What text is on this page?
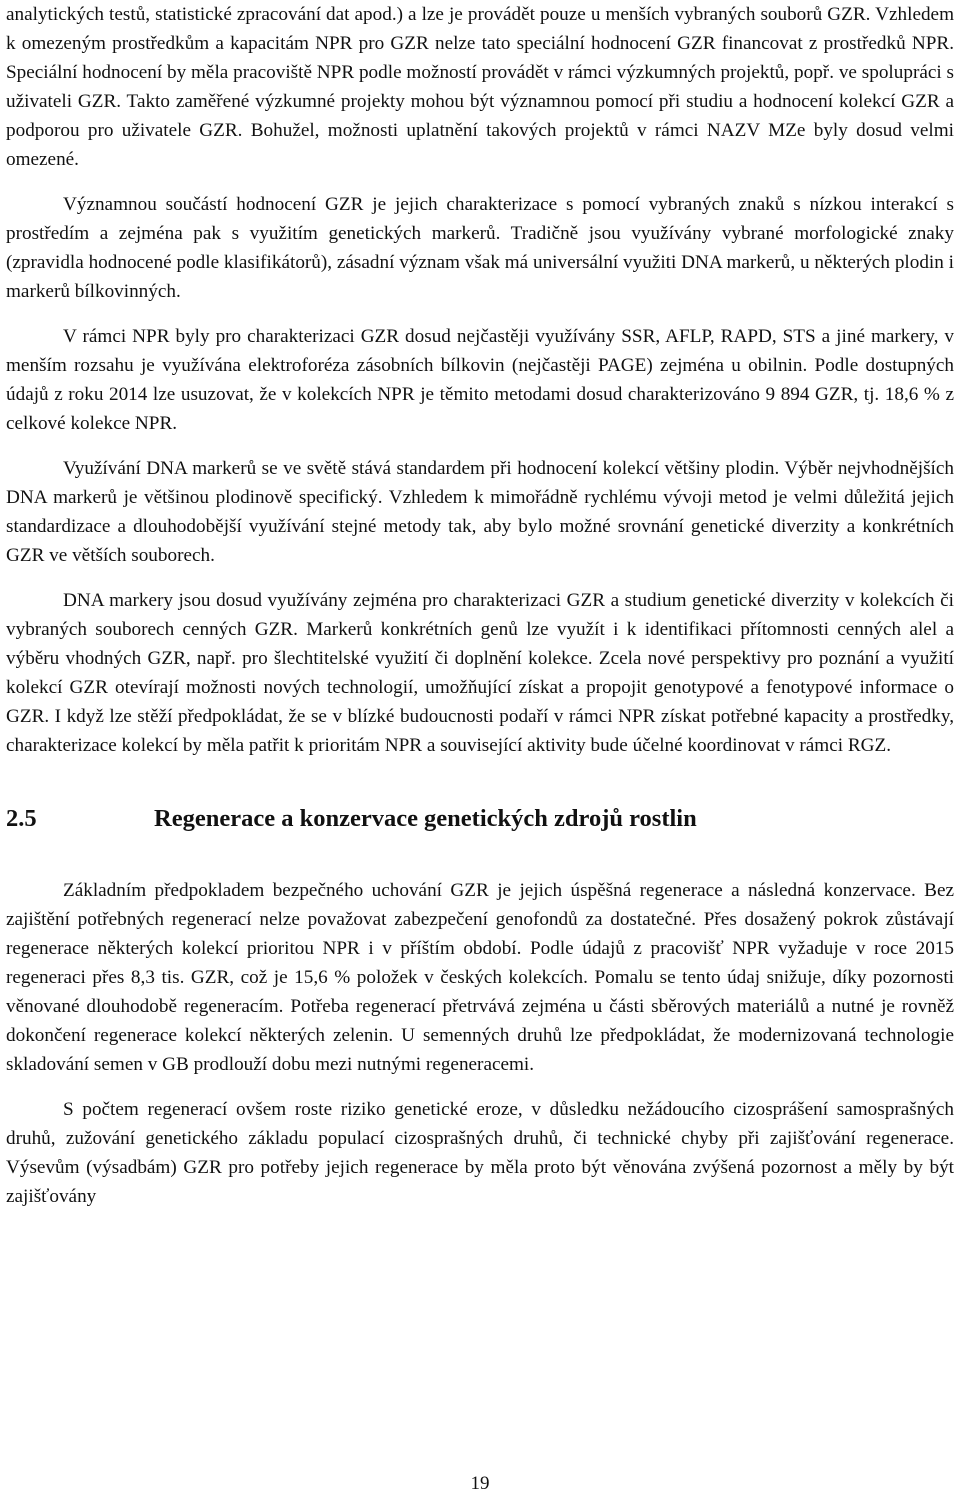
analytických testů, statistické zpracování dat apod.) a lze je provádět pouze u menších vybraných souborů GZR. Vzhledem k omezeným prostředkům a kapacitám NPR pro GZR nelze tato speciální hodnocení GZR financovat z prostředků NPR. Speciální hodnocení by měla pracoviště NPR podle možností provádět v rámci výzkumných projektů, popř. ve spolupráci s uživateli GZR. Takto zaměřené výzkumné projekty mohou být významnou pomocí při studiu a hodnocení kolekcí GZR a podporou pro uživatele GZR. Bohužel, možnosti uplatnění takových projektů v rámci NAZV MZe byly dosud velmi omezené.

Významnou součástí hodnocení GZR je jejich charakterizace s pomocí vybraných znaků s nízkou interakcí s prostředím a zejména pak s využitím genetických markerů. Tradičně jsou využívány vybrané morfologické znaky (zpravidla hodnocené podle klasifikátorů), zásadní význam však má universální využiti DNA markerů, u některých plodin i markerů bílkovinných.

V rámci NPR byly pro charakterizaci GZR dosud nejčastěji využívány SSR, AFLP, RAPD, STS a jiné markery, v menším rozsahu je využívána elektroforéza zásobních bílkovin (nejčastěji PAGE) zejména u obilnin. Podle dostupných údajů z roku 2014 lze usuzovat, že v kolekcích NPR je těmito metodami dosud charakterizováno 9 894 GZR, tj. 18,6 % z celkové kolekce NPR.

Využívání DNA markerů se ve světě stává standardem při hodnocení kolekcí většiny plodin. Výběr nejvhodnějších DNA markerů je většinou plodinově specifický. Vzhledem k mimořádně rychlému vývoji metod je velmi důležitá jejich standardizace a dlouhodobější využívání stejné metody tak, aby bylo možné srovnání genetické diverzity a konkrétních GZR ve větších souborech.

DNA markery jsou dosud využívány zejména pro charakterizaci GZR a studium genetické diverzity v kolekcích či vybraných souborech cenných GZR. Markerů konkrétních genů lze využít i k identifikaci přítomnosti cenných alel a výběru vhodných GZR, např. pro šlechtitelské využití či doplnění kolekce. Zcela nové perspektivy pro poznání a využití kolekcí GZR otevírají možnosti nových technologií, umožňující získat a propojit genotypové a fenotypové informace o GZR. I když lze stěží předpokládat, že se v blízké budoucnosti podaří v rámci NPR získat potřebné kapacity a prostředky, charakterizace kolekcí by měla patřit k prioritám NPR a související aktivity bude účelné koordinovat v rámci RGZ.

2.5	Regenerace a konzervace genetických zdrojů rostlin

Základním předpokladem bezpečného uchování GZR je jejich úspěšná regenerace a následná konzervace. Bez zajištění potřebných regenerací nelze považovat zabezpečení genofondů za dostatečné. Přes dosažený pokrok zůstávají regenerace některých kolekcí prioritou NPR i v příštím období. Podle údajů z pracovišť NPR vyžaduje v roce 2015 regeneraci přes 8,3 tis. GZR, což je 15,6 % položek v českých kolekcích. Pomalu se tento údaj snižuje, díky pozornosti věnované dlouhodobě regeneracím. Potřeba regenerací přetrvává zejména u části sběrových materiálů a nutné je rovněž dokončení regenerace kolekcí některých zelenin. U semenných druhů lze předpokládat, že modernizovaná technologie skladování semen v GB prodlouží dobu mezi nutnými regeneracemi.

S počtem regenerací ovšem roste riziko genetické eroze, v důsledku nežádoucího cizosprášení samosprašných druhů, zužování genetického základu populací cizosprašných druhů, či technické chyby při zajišťování regenerace. Výsevům (výsadbám) GZR pro potřeby jejich regenerace by měla proto být věnována zvýšená pozornost a měly by být zajišťovány

19
